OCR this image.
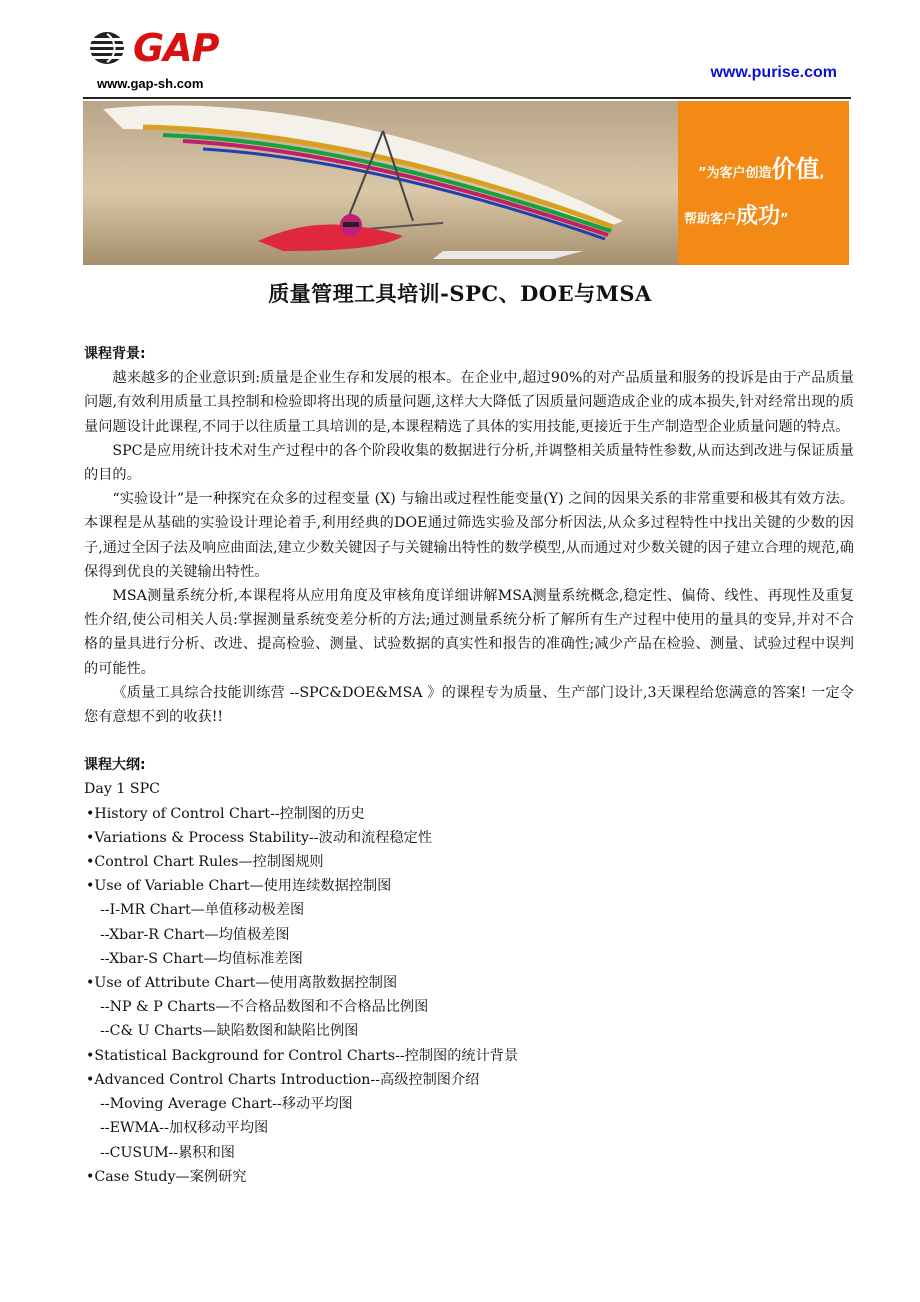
GAP
www.gap-sh.com
www.purise.com
”为客户创造价值,
帮助客户成功”
质量管理工具培训-SPC、DOE与MSA
课程背景:
越来越多的企业意识到:质量是企业生存和发展的根本。在企业中,超过90%的对产品质量和服务的投诉是由于产品质量问题,有效利用质量工具控制和检验即将出现的质量问题,这样大大降低了因质量问题造成企业的成本损失,针对经常出现的质量问题设计此课程,不同于以往质量工具培训的是,本课程精选了具体的实用技能,更接近于生产制造型企业质量问题的特点。
SPC是应用统计技术对生产过程中的各个阶段收集的数据进行分析,并调整相关质量特性参数,从而达到改进与保证质量的目的。
“实验设计”是一种探究在众多的过程变量 (X) 与输出或过程性能变量(Y) 之间的因果关系的非常重要和极其有效方法。本课程是从基础的实验设计理论着手,利用经典的DOE通过筛选实验及部分析因法,从众多过程特性中找出关键的少数的因子,通过全因子法及响应曲面法,建立少数关键因子与关键输出特性的数学模型,从而通过对少数关键的因子建立合理的规范,确保得到优良的关键输出特性。
MSA测量系统分析,本课程将从应用角度及审核角度详细讲解MSA测量系统概念,稳定性、偏倚、线性、再现性及重复性介绍,使公司相关人员:掌握测量系统变差分析的方法;通过测量系统分析了解所有生产过程中使用的量具的变异,并对不合格的量具进行分析、改进、提高检验、测量、试验数据的真实性和报告的准确性;减少产品在检验、测量、试验过程中误判的可能性。
《质量工具综合技能训练营 --SPC&DOE&MSA 》的课程专为质量、生产部门设计,3天课程给您满意的答案! 一定令您有意想不到的收获!!
课程大纲:
Day 1 SPC
•History of Control Chart--控制图的历史
•Variations & Process Stability--波动和流程稳定性
•Control Chart Rules—控制图规则
•Use of Variable Chart—使用连续数据控制图
--I-MR Chart—单值移动极差图
--Xbar-R Chart—均值极差图
--Xbar-S Chart—均值标准差图
•Use of Attribute Chart—使用离散数据控制图
--NP & P Charts—不合格品数图和不合格品比例图
--C& U Charts—缺陷数图和缺陷比例图
•Statistical Background for Control Charts--控制图的统计背景
•Advanced Control Charts Introduction--高级控制图介绍
--Moving Average Chart--移动平均图
--EWMA--加权移动平均图
--CUSUM--累积和图
•Case Study—案例研究
